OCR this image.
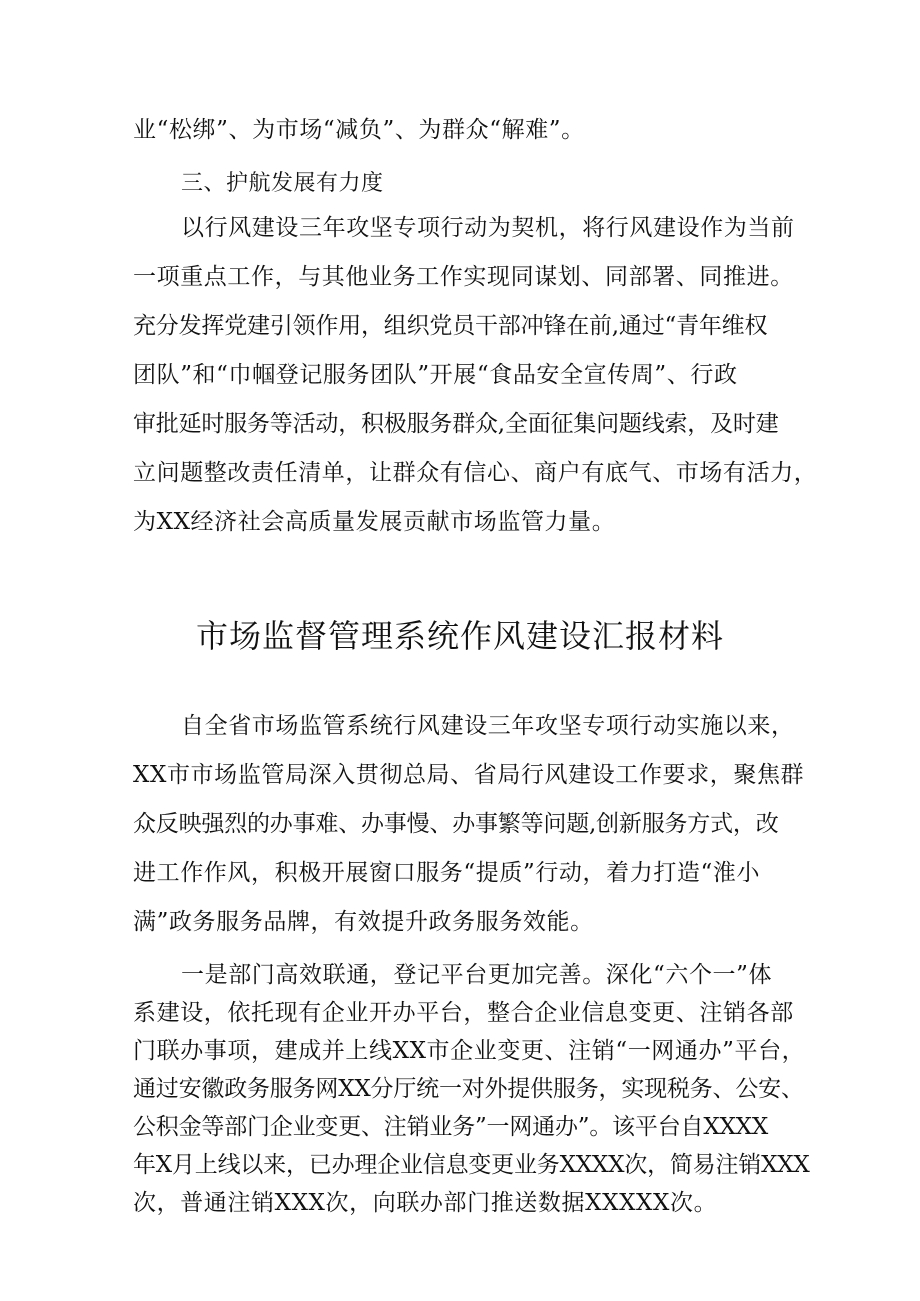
业“松绑”、为市场“减负”、为群众“解难”。
三、护航发展有力度
以行风建设三年攻坚专项行动为契机，将行风建设作为当前
一项重点工作，与其他业务工作实现同谋划、同部署、同推进。
充分发挥党建引领作用，组织党员干部冲锋在前,通过“青年维权
团队”和“巾帼登记服务团队”开展“食品安全宣传周”、行政
审批延时服务等活动，积极服务群众,全面征集问题线索，及时建
立问题整改责任清单，让群众有信心、商户有底气、市场有活力，
为XX经济社会高质量发展贡献市场监管力量。
市场监督管理系统作风建设汇报材料
自全省市场监管系统行风建设三年攻坚专项行动实施以来，
XX市市场监管局深入贯彻总局、省局行风建设工作要求，聚焦群
众反映强烈的办事难、办事慢、办事繁等问题,创新服务方式，改
进工作作风，积极开展窗口服务“提质”行动，着力打造“淮小
满”政务服务品牌，有效提升政务服务效能。
一是部门高效联通，登记平台更加完善。深化“六个一”体
系建设，依托现有企业开办平台，整合企业信息变更、注销各部
门联办事项，建成并上线XX市企业变更、注销“一网通办”平台，
通过安徽政务服务网XX分厅统一对外提供服务，实现税务、公安、
公积金等部门企业变更、注销业务”一网通办”。该平台自XXXX
年X月上线以来，已办理企业信息变更业务XXXX次，简易注销XXX
次，普通注销XXX次，向联办部门推送数据XXXXX次。
